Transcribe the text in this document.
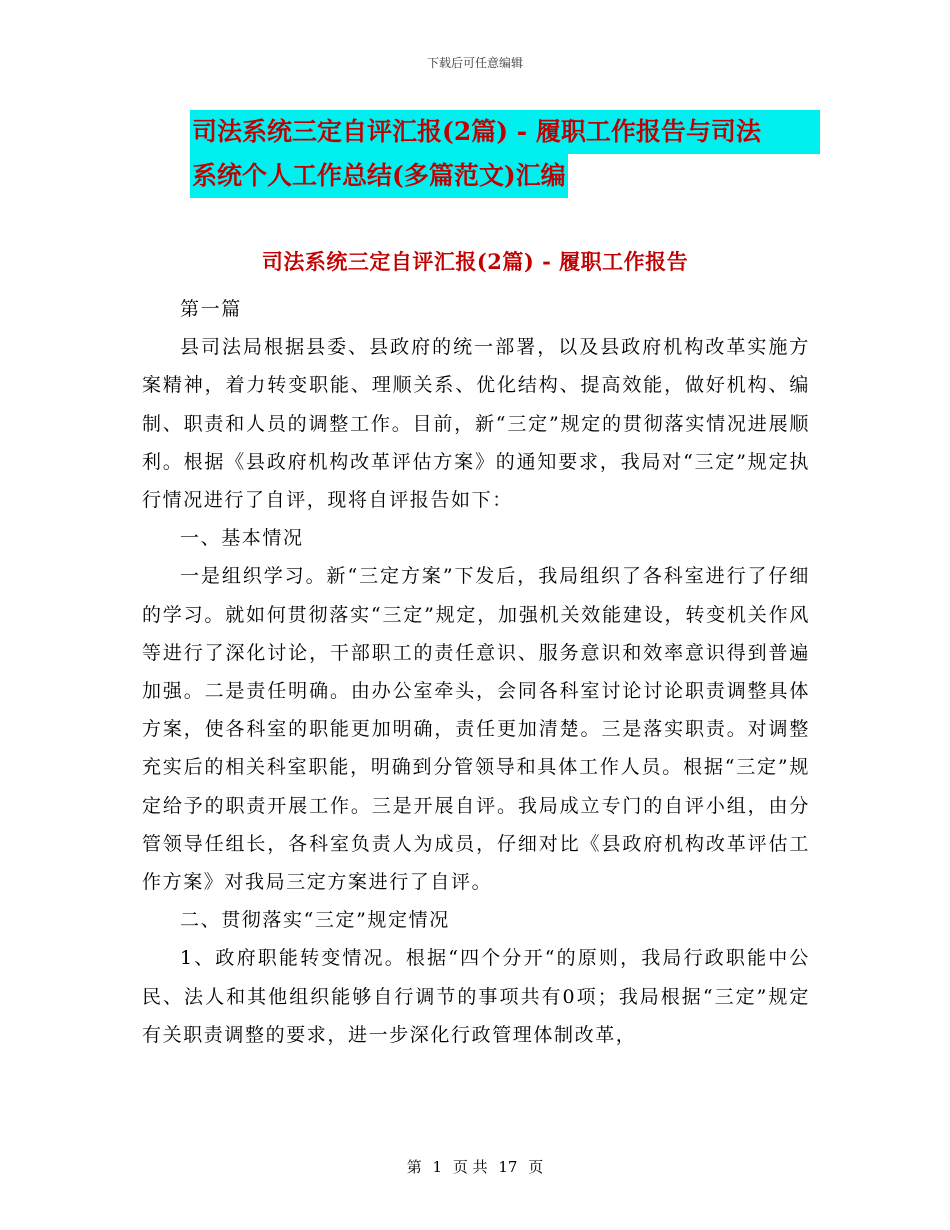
下载后可任意编辑
司法系统三定自评汇报(2篇) - 履职工作报告与司法
系统个人工作总结(多篇范文)汇编
司法系统三定自评汇报(2篇) - 履职工作报告

第一篇

县司法局根据县委、县政府的统一部署，以及县政府机构改革实施方案精神，着力转变职能、理顺关系、优化结构、提高效能，做好机构、编制、职责和人员的调整工作。目前，新“三定”规定的贯彻落实情况进展顺利。根据《县政府机构改革评估方案》的通知要求，我局对“三定”规定执行情况进行了自评，现将自评报告如下：

一、基本情况

一是组织学习。新“三定方案”下发后，我局组织了各科室进行了仔细的学习。就如何贯彻落实“三定”规定，加强机关效能建设，转变机关作风等进行了深化讨论，干部职工的责任意识、服务意识和效率意识得到普遍加强。二是责任明确。由办公室牵头，会同各科室讨论讨论职责调整具体方案，使各科室的职能更加明确，责任更加清楚。三是落实职责。对调整充实后的相关科室职能，明确到分管领导和具体工作人员。根据“三定”规定给予的职责开展工作。三是开展自评。我局成立专门的自评小组，由分管领导任组长，各科室负责人为成员，仔细对比《县政府机构改革评估工作方案》对我局三定方案进行了自评。

二、贯彻落实“三定”规定情况

1、政府职能转变情况。根据“四个分开“的原则，我局行政职能中公民、法人和其他组织能够自行调节的事项共有0项；我局根据“三定”规定有关职责调整的要求，进一步深化行政管理体制改革，

第 1 页 共 17 页
